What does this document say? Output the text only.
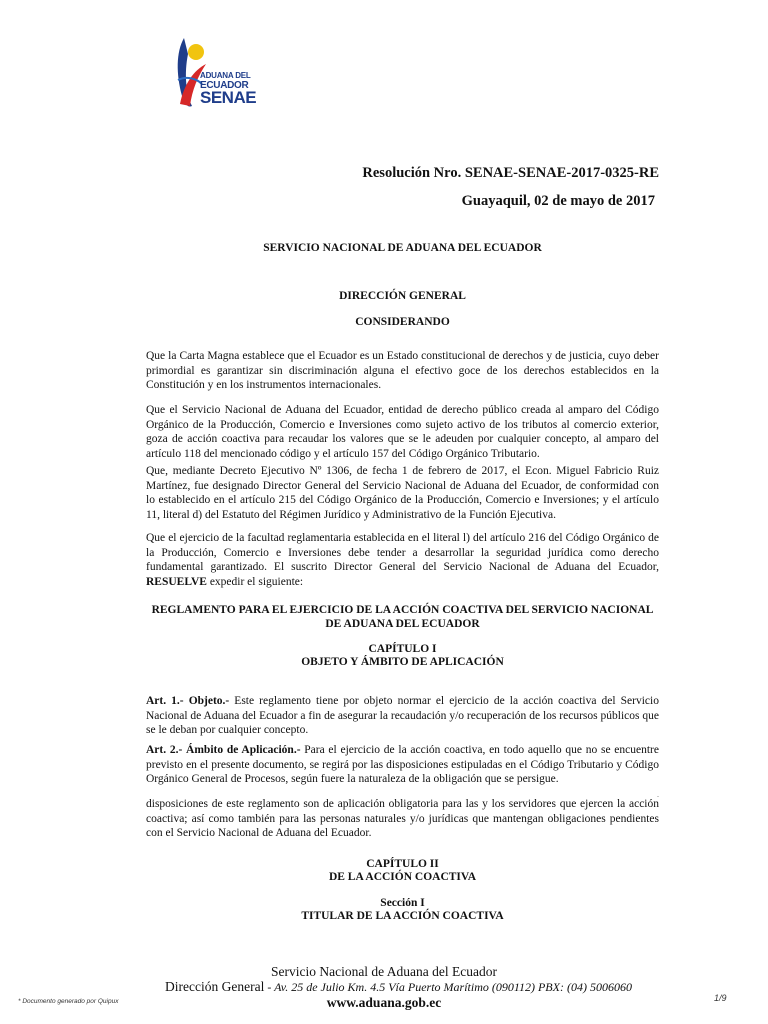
ADUANA DEL
ECUADOR
SENAE
Resolución Nro. SENAE-SENAE-2017-0325-RE
Guayaquil, 02 de mayo de 2017
SERVICIO NACIONAL DE ADUANA DEL ECUADOR
DIRECCIÓN GENERAL
CONSIDERANDO
Que la Carta Magna establece que el Ecuador es un Estado constitucional de derechos y de justicia, cuyo deber primordial es garantizar sin discriminación alguna el efectivo goce de los derechos establecidos en la Constitución y en los instrumentos internacionales.
Que el Servicio Nacional de Aduana del Ecuador, entidad de derecho público creada al amparo del Código Orgánico de la Producción, Comercio e Inversiones como sujeto activo de los tributos al comercio exterior, goza de acción coactiva para recaudar los valores que se le adeuden por cualquier concepto, al amparo del artículo 118 del mencionado código y el artículo 157 del Código Orgánico Tributario.
Que, mediante Decreto Ejecutivo Nº 1306, de fecha 1 de febrero de 2017, el Econ. Miguel Fabricio Ruiz Martínez, fue designado Director General del Servicio Nacional de Aduana del Ecuador, de conformidad con lo establecido en el artículo 215 del Código Orgánico de la Producción, Comercio e Inversiones; y el artículo 11, literal d) del Estatuto del Régimen Jurídico y Administrativo de la Función Ejecutiva.
Que el ejercicio de la facultad reglamentaria establecida en el literal l) del artículo 216 del Código Orgánico de la Producción, Comercio e Inversiones debe tender a desarrollar la seguridad jurídica como derecho fundamental garantizado. El suscrito Director General del Servicio Nacional de Aduana del Ecuador, RESUELVE expedir el siguiente:
REGLAMENTO PARA EL EJERCICIO DE LA ACCIÓN COACTIVA DEL SERVICIO NACIONAL
DE ADUANA DEL ECUADOR
CAPÍTULO I
OBJETO Y ÁMBITO DE APLICACIÓN
Art. 1.- Objeto.- Este reglamento tiene por objeto normar el ejercicio de la acción coactiva del Servicio Nacional de Aduana del Ecuador a fin de asegurar la recaudación y/o recuperación de los recursos públicos que se le deban por cualquier concepto.
Art. 2.- Ámbito de Aplicación.- Para el ejercicio de la acción coactiva, en todo aquello que no se encuentre previsto en el presente documento, se regirá por las disposiciones estipuladas en el Código Tributario y Código Orgánico General de Procesos, según fuere la naturaleza de la obligación que se persigue.
.
disposiciones de este reglamento son de aplicación obligatoria para las y los servidores que ejercen la acción coactiva; así como también para las personas naturales y/o jurídicas que mantengan obligaciones pendientes con el Servicio Nacional de Aduana del Ecuador.
CAPÍTULO II
DE LA ACCIÓN COACTIVA
Sección I
TITULAR DE LA ACCIÓN COACTIVA
Servicio Nacional de Aduana del Ecuador
Dirección General - Av. 25 de Julio Km. 4.5 Vía Puerto Marítimo (090112) PBX: (04) 5006060
www.aduana.gob.ec
* Documento generado por Quipux	1/9
